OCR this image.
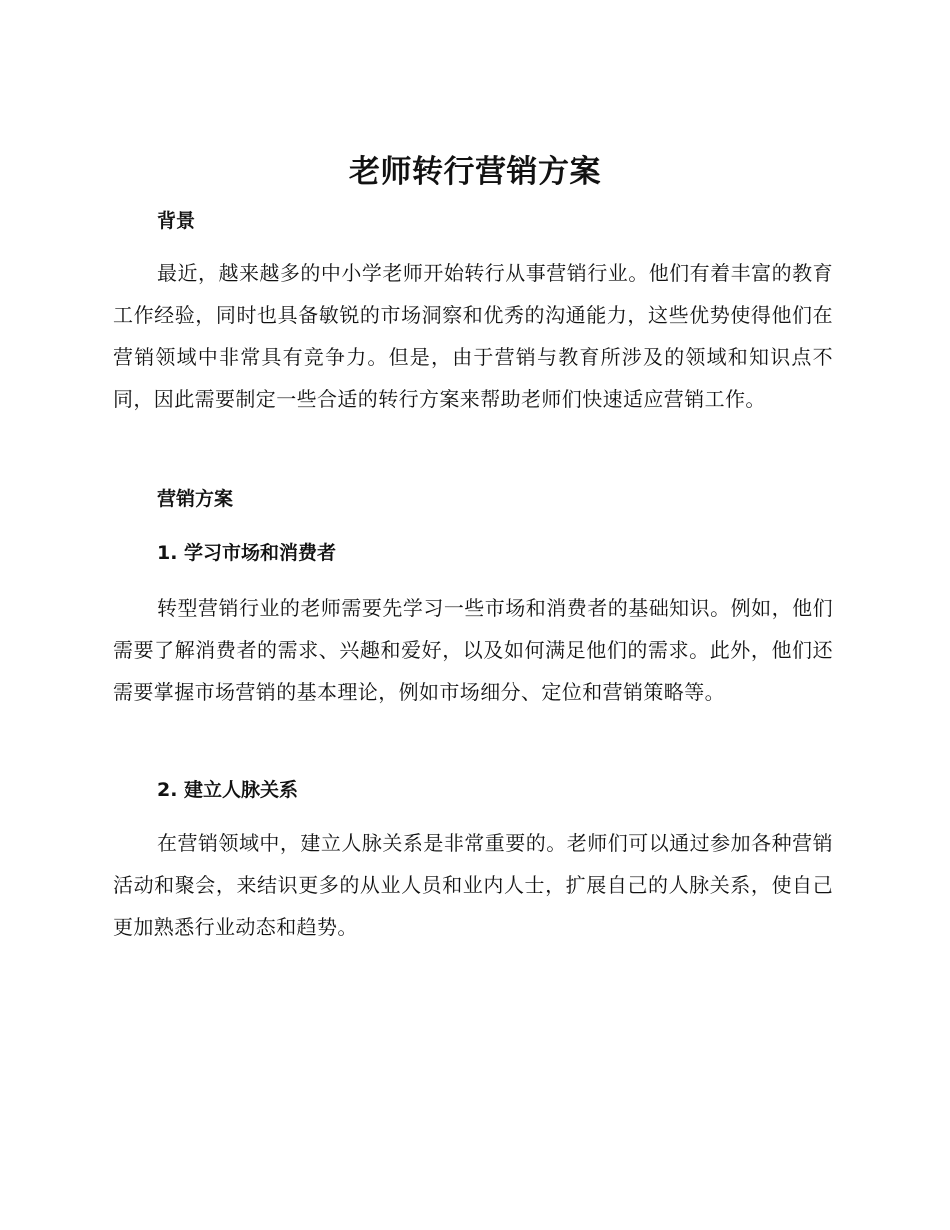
老师转行营销方案
背景

最近，越来越多的中小学老师开始转行从事营销行业。他们有着丰富的教育工作经验，同时也具备敏锐的市场洞察和优秀的沟通能力，这些优势使得他们在营销领域中非常具有竞争力。但是，由于营销与教育所涉及的领域和知识点不同，因此需要制定一些合适的转行方案来帮助老师们快速适应营销工作。

营销方案
1. 学习市场和消费者

转型营销行业的老师需要先学习一些市场和消费者的基础知识。例如，他们需要了解消费者的需求、兴趣和爱好，以及如何满足他们的需求。此外，他们还需要掌握市场营销的基本理论，例如市场细分、定位和营销策略等。

2. 建立人脉关系

在营销领域中，建立人脉关系是非常重要的。老师们可以通过参加各种营销活动和聚会，来结识更多的从业人员和业内人士，扩展自己的人脉关系，使自己更加熟悉行业动态和趋势。
